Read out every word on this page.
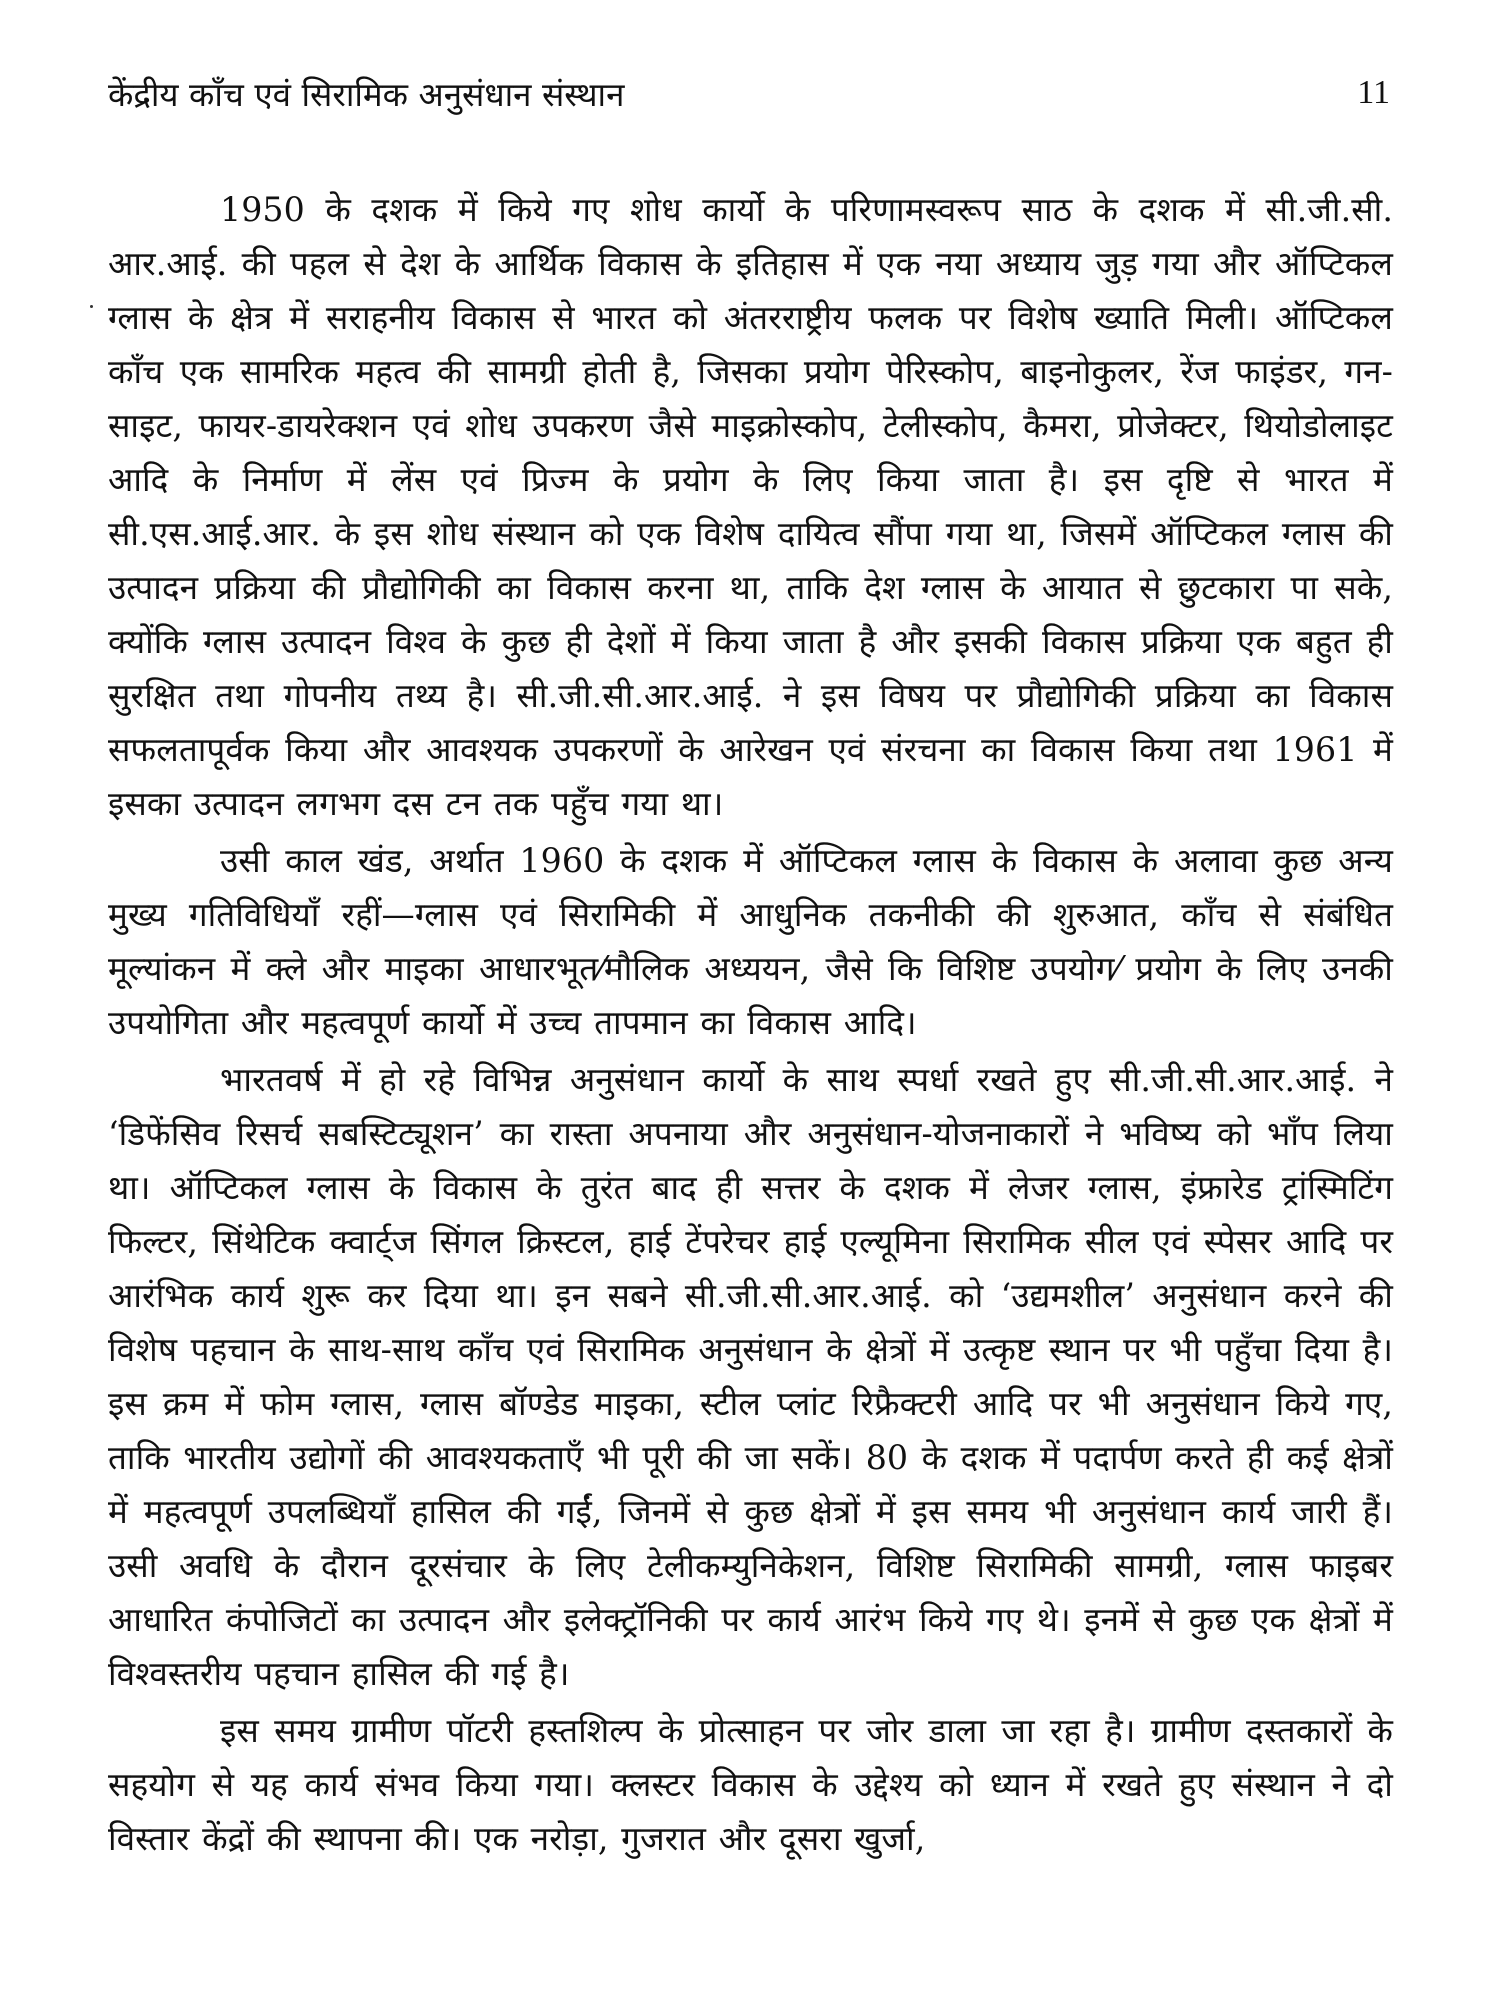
केंद्रीय काँच एवं सिरामिक अनुसंधान संस्थान	11

1950 के दशक में किये गए शोध कार्यो के परिणामस्वरूप साठ के दशक में सी.जी.सी. आर.आई. की पहल से देश के आर्थिक विकास के इतिहास में एक नया अध्याय जुड़ गया और ऑप्टिकल ग्लास के क्षेत्र में सराहनीय विकास से भारत को अंतरराष्ट्रीय फलक पर विशेष ख्याति मिली। ऑप्टिकल काँच एक सामरिक महत्व की सामग्री होती है, जिसका प्रयोग पेरिस्कोप, बाइनोकुलर, रेंज फाइंडर, गन-साइट, फायर-डायरेक्शन एवं शोध उपकरण जैसे माइक्रोस्कोप, टेलीस्कोप, कैमरा, प्रोजेक्टर, थियोडोलाइट आदि के निर्माण में लेंस एवं प्रिज्म के प्रयोग के लिए किया जाता है। इस दृष्टि से भारत में सी.एस.आई.आर. के इस शोध संस्थान को एक विशेष दायित्व सौंपा गया था, जिसमें ऑप्टिकल ग्लास की उत्पादन प्रक्रिया की प्रौद्योगिकी का विकास करना था, ताकि देश ग्लास के आयात से छुटकारा पा सके, क्योंकि ग्लास उत्पादन विश्व के कुछ ही देशों में किया जाता है और इसकी विकास प्रक्रिया एक बहुत ही सुरक्षित तथा गोपनीय तथ्य है। सी.जी.सी.आर.आई. ने इस विषय पर प्रौद्योगिकी प्रक्रिया का विकास सफलतापूर्वक किया और आवश्यक उपकरणों के आरेखन एवं संरचना का विकास किया तथा 1961 में इसका उत्पादन लगभग दस टन तक पहुँच गया था।

उसी काल खंड, अर्थात 1960 के दशक में ऑप्टिकल ग्लास के विकास के अलावा कुछ अन्य मुख्य गतिविधियाँ रहीं—ग्लास एवं सिरामिकी में आधुनिक तकनीकी की शुरुआत, काँच से संबंधित मूल्यांकन में क्ले और माइका आधारभूत⁄मौलिक अध्ययन, जैसे कि विशिष्ट उपयोग⁄ प्रयोग के लिए उनकी उपयोगिता और महत्वपूर्ण कार्यो में उच्च तापमान का विकास आदि।

भारतवर्ष में हो रहे विभिन्न अनुसंधान कार्यो के साथ स्पर्धा रखते हुए सी.जी.सी.आर.आई. ने ‘डिफेंसिव रिसर्च सबस्टिट्यूशन’ का रास्ता अपनाया और अनुसंधान-योजनाकारों ने भविष्य को भाँप लिया था। ऑप्टिकल ग्लास के विकास के तुरंत बाद ही सत्तर के दशक में लेजर ग्लास, इंफ्रारेड ट्रांस्मिटिंग फिल्टर, सिंथेटिक क्वार्ट्ज सिंगल क्रिस्टल, हाई टेंपरेचर हाई एल्यूमिना सिरामिक सील एवं स्पेसर आदि पर आरंभिक कार्य शुरू कर दिया था। इन सबने सी.जी.सी.आर.आई. को ‘उद्यमशील’ अनुसंधान करने की विशेष पहचान के साथ-साथ काँच एवं सिरामिक अनुसंधान के क्षेत्रों में उत्कृष्ट स्थान पर भी पहुँचा दिया है। इस क्रम में फोम ग्लास, ग्लास बॉण्डेड माइका, स्टील प्लांट रिफ्रैक्टरी आदि पर भी अनुसंधान किये गए, ताकि भारतीय उद्योगों की आवश्यकताएँ भी पूरी की जा सकें। 80 के दशक में पदार्पण करते ही कई क्षेत्रों में महत्वपूर्ण उपलब्धियाँ हासिल की गईं, जिनमें से कुछ क्षेत्रों में इस समय भी अनुसंधान कार्य जारी हैं। उसी अवधि के दौरान दूरसंचार के लिए टेलीकम्युनिकेशन, विशिष्ट सिरामिकी सामग्री, ग्लास फाइबर आधारित कंपोजिटों का उत्पादन और इलेक्ट्रॉनिकी पर कार्य आरंभ किये गए थे। इनमें से कुछ एक क्षेत्रों में विश्वस्तरीय पहचान हासिल की गई है।

इस समय ग्रामीण पॉटरी हस्तशिल्प के प्रोत्साहन पर जोर डाला जा रहा है। ग्रामीण दस्तकारों के सहयोग से यह कार्य संभव किया गया। क्लस्टर विकास के उद्देश्य को ध्यान में रखते हुए संस्थान ने दो विस्तार केंद्रों की स्थापना की। एक नरोड़ा, गुजरात और दूसरा खुर्जा,
